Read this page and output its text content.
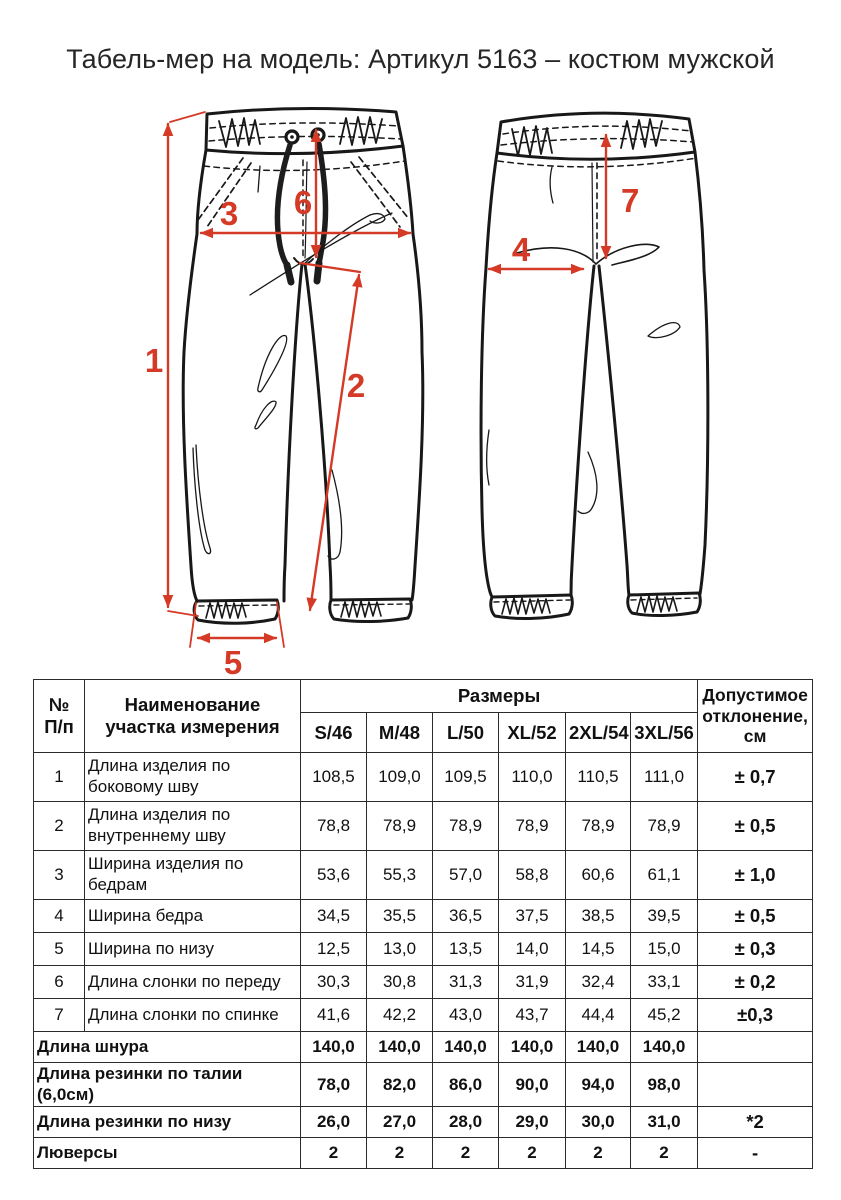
Табель-мер на модель: Артикул 5163 – костюм мужской
1
2
3
4
5
6	7
№
П/п	Наименование
участка измерения	Размеры						Допустимое
отклонение,
см

		S/46	M/48	L/50	XL/52	2XL/54	3XL/56	
1	Длина изделия по боковому шву	108,5	109,0	109,5	110,0	110,5	111,0	± 0,7
2	Длина изделия по внутреннему шву	78,8	78,9	78,9	78,9	78,9	78,9	± 0,5
3	Ширина изделия по бедрам	53,6	55,3	57,0	58,8	60,6	61,1	± 1,0
4	Ширина бедра	34,5	35,5	36,5	37,5	38,5	39,5	± 0,5
5	Ширина по низу	12,5	13,0	13,5	14,0	14,5	15,0	± 0,3
6	Длина слонки по переду	30,3	30,8	31,3	31,9	32,4	33,1	± 0,2
7	Длина слонки по спинке	41,6	42,2	43,0	43,7	44,4	45,2	±0,3
Длина шнура		140,0	140,0	140,0	140,0	140,0	140,0	
Длина резинки по талии (6,0см)		78,0	82,0	86,0	90,0	94,0	98,0	
Длина резинки по низу		26,0	27,0	28,0	29,0	30,0	31,0	*2
Люверсы		2	2	2	2	2	2	-
